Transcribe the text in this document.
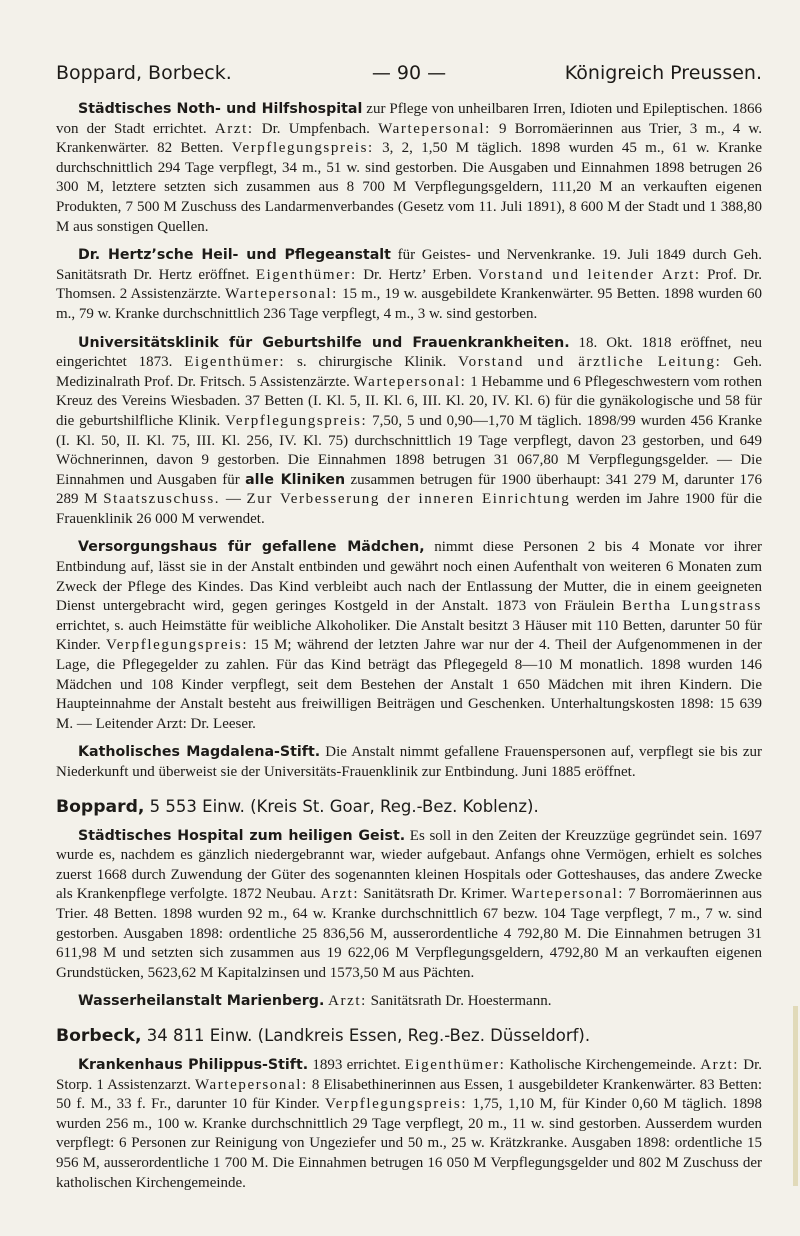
Boppard, Borbeck.	— 90 —	Königreich Preussen.

Städtisches Noth- und Hilfshospital zur Pflege von unheilbaren Irren, Idioten und Epileptischen. 1866 von der Stadt errichtet. Arzt: Dr. Umpfenbach. Wartepersonal: 9 Borromäerinnen aus Trier, 3 m., 4 w. Krankenwärter. 82 Betten. Verpflegungspreis: 3, 2, 1,50 M täglich. 1898 wurden 45 m., 61 w. Kranke durchschnittlich 294 Tage verpflegt, 34 m., 51 w. sind gestorben. Die Ausgaben und Einnahmen 1898 betrugen 26 300 M, letztere setzten sich zusammen aus 8 700 M Verpflegungsgeldern, 111,20 M an verkauften eigenen Produkten, 7 500 M Zuschuss des Landarmenverbandes (Gesetz vom 11. Juli 1891), 8 600 M der Stadt und 1 388,80 M aus sonstigen Quellen.

Dr. Hertz’sche Heil- und Pflegeanstalt für Geistes- und Nervenkranke. 19. Juli 1849 durch Geh. Sanitätsrath Dr. Hertz eröffnet. Eigenthümer: Dr. Hertz’ Erben. Vorstand und leitender Arzt: Prof. Dr. Thomsen. 2 Assistenzärzte. Wartepersonal: 15 m., 19 w. ausgebildete Krankenwärter. 95 Betten. 1898 wurden 60 m., 79 w. Kranke durchschnittlich 236 Tage verpflegt, 4 m., 3 w. sind gestorben.

Universitätsklinik für Geburtshilfe und Frauenkrankheiten. 18. Okt. 1818 eröffnet, neu eingerichtet 1873. Eigenthümer: s. chirurgische Klinik. Vorstand und ärztliche Leitung: Geh. Medizinalrath Prof. Dr. Fritsch. 5 Assistenzärzte. Wartepersonal: 1 Hebamme und 6 Pflegeschwestern vom rothen Kreuz des Vereins Wiesbaden. 37 Betten (I. Kl. 5, II. Kl. 6, III. Kl. 20, IV. Kl. 6) für die gynäkologische und 58 für die geburtshilfliche Klinik. Verpflegungspreis: 7,50, 5 und 0,90—1,70 M täglich. 1898/99 wurden 456 Kranke (I. Kl. 50, II. Kl. 75, III. Kl. 256, IV. Kl. 75) durchschnittlich 19 Tage verpflegt, davon 23 gestorben, und 649 Wöchnerinnen, davon 9 gestorben. Die Einnahmen 1898 betrugen 31 067,80 M Verpflegungsgelder. — Die Einnahmen und Ausgaben für alle Kliniken zusammen betrugen für 1900 überhaupt: 341 279 M, darunter 176 289 M Staatszuschuss. — Zur Verbesserung der inneren Einrichtung werden im Jahre 1900 für die Frauenklinik 26 000 M verwendet.

Versorgungshaus für gefallene Mädchen, nimmt diese Personen 2 bis 4 Monate vor ihrer Entbindung auf, lässt sie in der Anstalt entbinden und gewährt noch einen Aufenthalt von weiteren 6 Monaten zum Zweck der Pflege des Kindes. Das Kind verbleibt auch nach der Entlassung der Mutter, die in einem geeigneten Dienst untergebracht wird, gegen geringes Kostgeld in der Anstalt. 1873 von Fräulein Bertha Lungstrass errichtet, s. auch Heimstätte für weibliche Alkoholiker. Die Anstalt besitzt 3 Häuser mit 110 Betten, darunter 50 für Kinder. Verpflegungspreis: 15 M; während der letzten Jahre war nur der 4. Theil der Aufgenommenen in der Lage, die Pflegegelder zu zahlen. Für das Kind beträgt das Pflegegeld 8—10 M monatlich. 1898 wurden 146 Mädchen und 108 Kinder verpflegt, seit dem Bestehen der Anstalt 1 650 Mädchen mit ihren Kindern. Die Haupteinnahme der Anstalt besteht aus freiwilligen Beiträgen und Geschenken. Unterhaltungskosten 1898: 15 639 M. — Leitender Arzt: Dr. Leeser.

Katholisches Magdalena-Stift. Die Anstalt nimmt gefallene Frauenspersonen auf, verpflegt sie bis zur Niederkunft und überweist sie der Universitäts-Frauenklinik zur Entbindung. Juni 1885 eröffnet.

Boppard, 5 553 Einw. (Kreis St. Goar, Reg.-Bez. Koblenz).

Städtisches Hospital zum heiligen Geist. Es soll in den Zeiten der Kreuzzüge gegründet sein. 1697 wurde es, nachdem es gänzlich niedergebrannt war, wieder aufgebaut. Anfangs ohne Vermögen, erhielt es solches zuerst 1668 durch Zuwendung der Güter des sogenannten kleinen Hospitals oder Gotteshauses, das andere Zwecke als Krankenpflege verfolgte. 1872 Neubau. Arzt: Sanitätsrath Dr. Krimer. Wartepersonal: 7 Borromäerinnen aus Trier. 48 Betten. 1898 wurden 92 m., 64 w. Kranke durchschnittlich 67 bezw. 104 Tage verpflegt, 7 m., 7 w. sind gestorben. Ausgaben 1898: ordentliche 25 836,56 M, ausserordentliche 4 792,80 M. Die Einnahmen betrugen 31 611,98 M und setzten sich zusammen aus 19 622,06 M Verpflegungsgeldern, 4792,80 M an verkauften eigenen Grundstücken, 5623,62 M Kapitalzinsen und 1573,50 M aus Pächten.

Wasserheilanstalt Marienberg. Arzt: Sanitätsrath Dr. Hoestermann.

Borbeck, 34 811 Einw. (Landkreis Essen, Reg.-Bez. Düsseldorf).

Krankenhaus Philippus-Stift. 1893 errichtet. Eigenthümer: Katholische Kirchengemeinde. Arzt: Dr. Storp. 1 Assistenzarzt. Wartepersonal: 8 Elisabethinerinnen aus Essen, 1 ausgebildeter Krankenwärter. 83 Betten: 50 f. M., 33 f. Fr., darunter 10 für Kinder. Verpflegungspreis: 1,75, 1,10 M, für Kinder 0,60 M täglich. 1898 wurden 256 m., 100 w. Kranke durchschnittlich 29 Tage verpflegt, 20 m., 11 w. sind gestorben. Ausserdem wurden verpflegt: 6 Personen zur Reinigung von Ungeziefer und 50 m., 25 w. Krätzkranke. Ausgaben 1898: ordentliche 15 956 M, ausserordentliche 1 700 M. Die Einnahmen betrugen 16 050 M Verpflegungsgelder und 802 M Zuschuss der katholischen Kirchengemeinde.
